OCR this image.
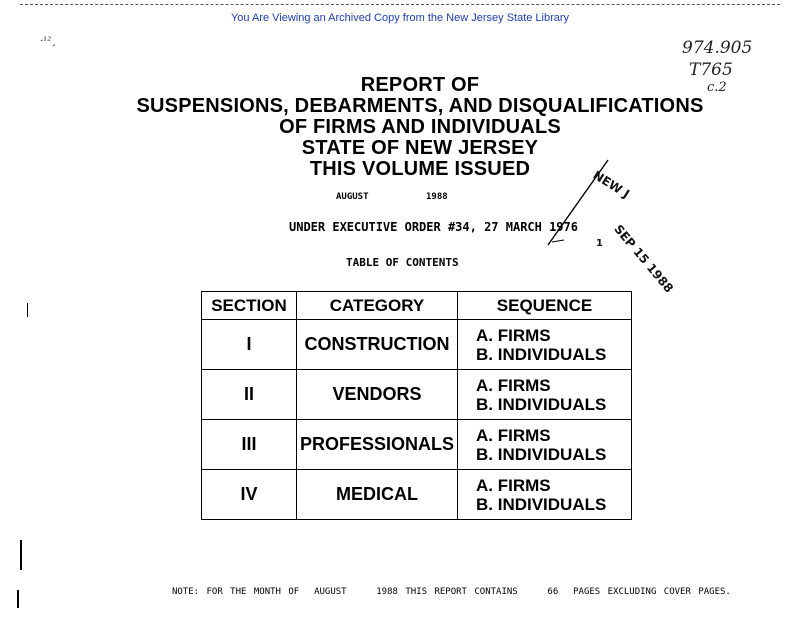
You Are Viewing an Archived Copy from the New Jersey State Library
·¹²¸	974.905
T765
c.2
REPORT OF
SUSPENSIONS, DEBARMENTS, AND DISQUALIFICATIONS
OF FIRMS AND INDIVIDUALS
STATE OF NEW JERSEY
THIS VOLUME ISSUED
AUGUST	1988
UNDER EXECUTIVE ORDER #34, 27 MARCH 1976
NEW J
SEP 15 1988
1
TABLE OF CONTENTS
SECTION	CATEGORY	SEQUENCE
I	CONSTRUCTION	A. FIRMS
B. INDIVIDUALS

II	VENDORS	A. FIRMS
B. INDIVIDUALS

III	PROFESSIONALS	A. FIRMS
B. INDIVIDUALS

IV	MEDICAL	A. FIRMS
B. INDIVIDUALS
NOTE: FOR THE MONTH OF AUGUST	1988 THIS REPORT CONTAINS	66 PAGES EXCLUDING COVER PAGES.
